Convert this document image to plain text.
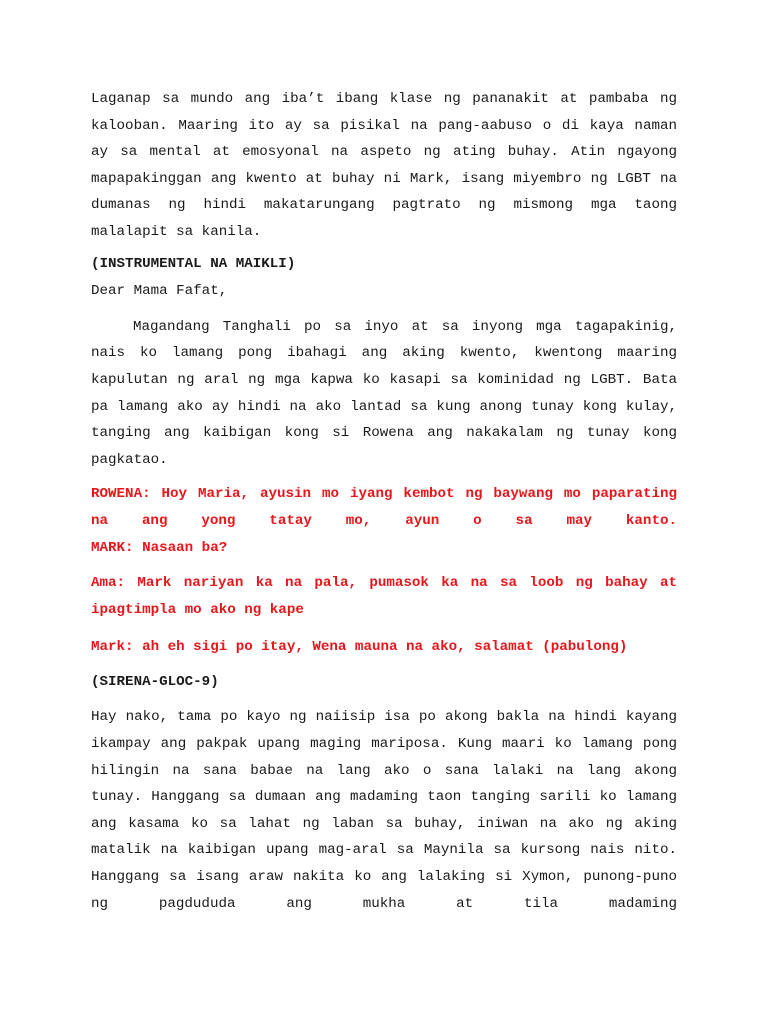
Laganap sa mundo ang iba’t ibang klase ng pananakit at pambaba ng kalooban. Maaring ito ay sa pisikal na pang-aabuso o di kaya naman ay sa mental at emosyonal na aspeto ng ating buhay. Atin ngayong mapapakinggan ang kwento at buhay ni Mark, isang miyembro ng LGBT na dumanas ng hindi makatarungang pagtrato ng mismong mga taong malalapit sa kanila.

(INSTRUMENTAL NA MAIKLI)

Dear Mama Fafat,

Magandang Tanghali po sa inyo at sa inyong mga tagapakinig, nais ko lamang pong ibahagi ang aking kwento, kwentong maaring kapulutan ng aral ng mga kapwa ko kasapi sa kominidad ng LGBT. Bata pa lamang ako ay hindi na ako lantad sa kung anong tunay kong kulay, tanging ang kaibigan kong si Rowena ang nakakalam ng tunay kong pagkatao.

ROWENA: Hoy Maria, ayusin mo iyang kembot ng baywang mo paparating na ang yong tatay mo, ayun o sa may kanto.

MARK: Nasaan ba?

Ama: Mark nariyan ka na pala, pumasok ka na sa loob ng bahay at ipagtimpla mo ako ng kape

Mark: ah eh sigi po itay, Wena mauna na ako, salamat (pabulong)

(SIRENA-GLOC-9)

Hay nako, tama po kayo ng naiisip isa po akong bakla na hindi kayang ikampay ang pakpak upang maging mariposa. Kung maari ko lamang pong hilingin na sana babae na lang ako o sana lalaki na lang akong tunay. Hanggang sa dumaan ang madaming taon tanging sarili ko lamang ang kasama ko sa lahat ng laban sa buhay, iniwan na ako ng aking matalik na kaibigan upang mag-aral sa Maynila sa kursong nais nito. Hanggang sa isang araw nakita ko ang lalaking si Xymon, punong-puno ng pagdududa ang mukha at tila madaming
